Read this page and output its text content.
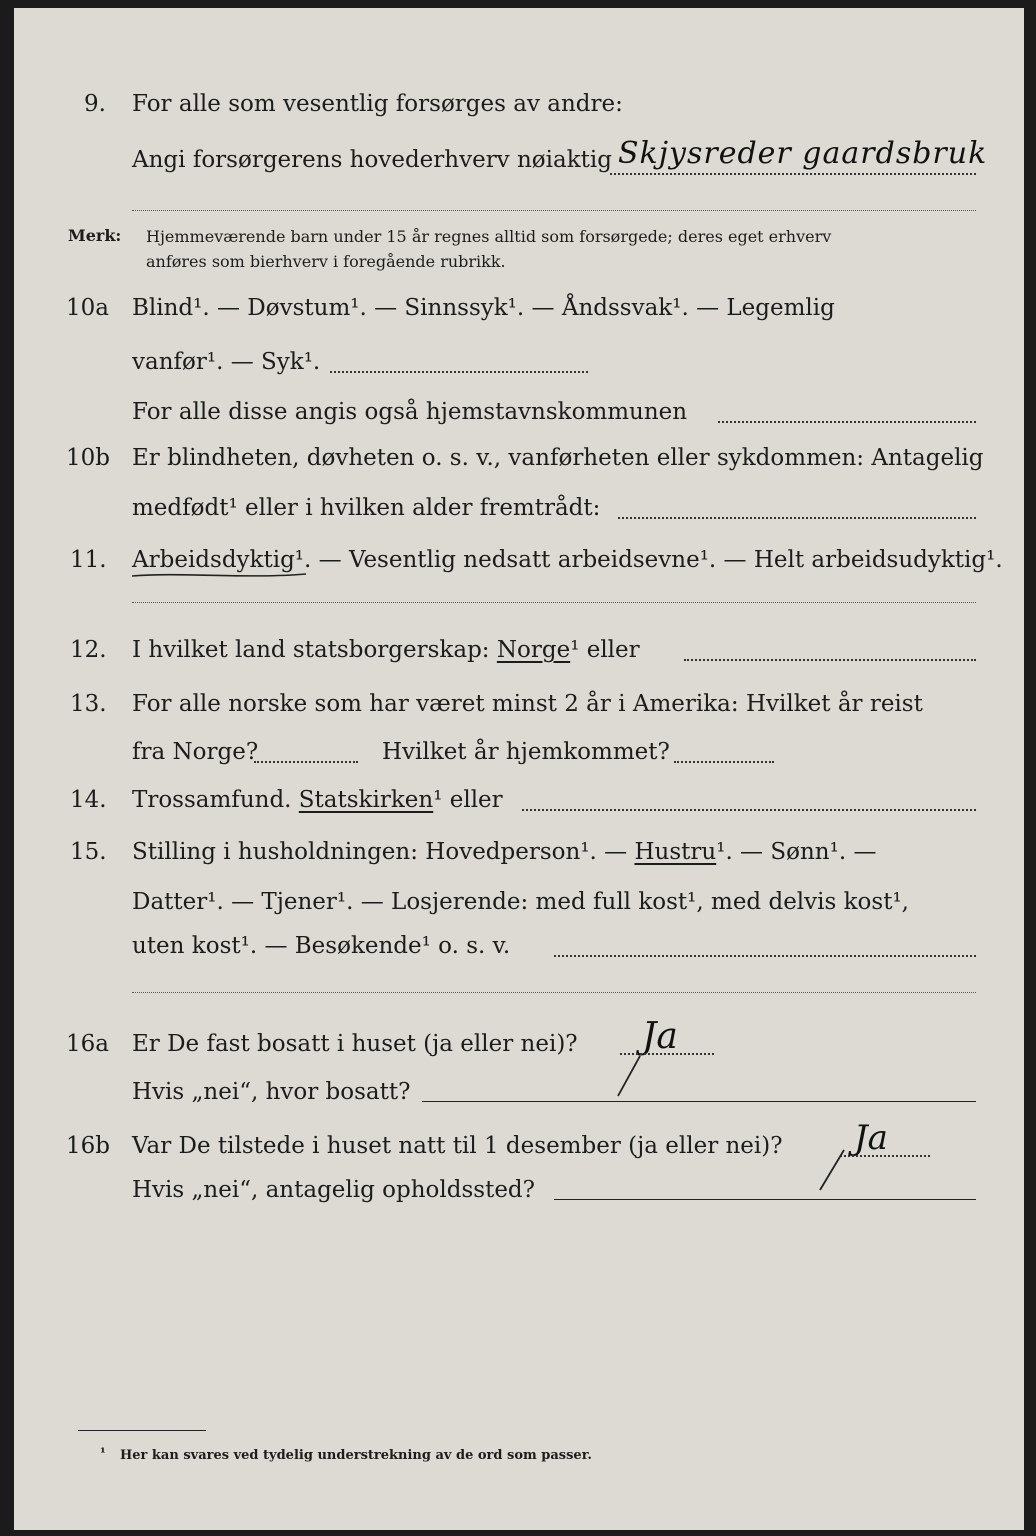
9. For alle som vesentlig forsørges av andre:
Angi forsørgerens hovederhverv nøiaktig Skjysreder gaardsbruk
Merk: Hjemmeværende barn under 15 år regnes alltid som forsørgede; deres eget erhverv
anføres som bierhverv i foregående rubrikk.
10a Blind¹. — Døvstum¹. — Sinnssyk¹. — Åndssvak¹. — Legemlig
vanfør¹. — Syk¹.
For alle disse angis også hjemstavnskommunen
10b Er blindheten, døvheten o. s. v., vanførheten eller sykdommen: Antagelig
medfødt¹ eller i hvilken alder fremtrådt:
11. Arbeidsdyktig¹. — Vesentlig nedsatt arbeidsevne¹. — Helt arbeidsudyktig¹.
12. I hvilket land statsborgerskap: Norge¹ eller
13. For alle norske som har været minst 2 år i Amerika: Hvilket år reist
fra Norge?	Hvilket år hjemkommet?
14. Trossamfund. Statskirken¹ eller
15. Stilling i husholdningen: Hovedperson¹. — Hustru¹. — Sønn¹. —
Datter¹. — Tjener¹. — Losjerende: med full kost¹, med delvis kost¹,
uten kost¹. — Besøkende¹ o. s. v.
16a Er De fast bosatt i huset (ja eller nei)? Ja
Hvis „nei“, hvor bosatt?
16b Var De tilstede i huset natt til 1 desember (ja eller nei)? Ja
Hvis „nei“, antagelig opholdssted?
¹ Her kan svares ved tydelig understrekning av de ord som passer.
